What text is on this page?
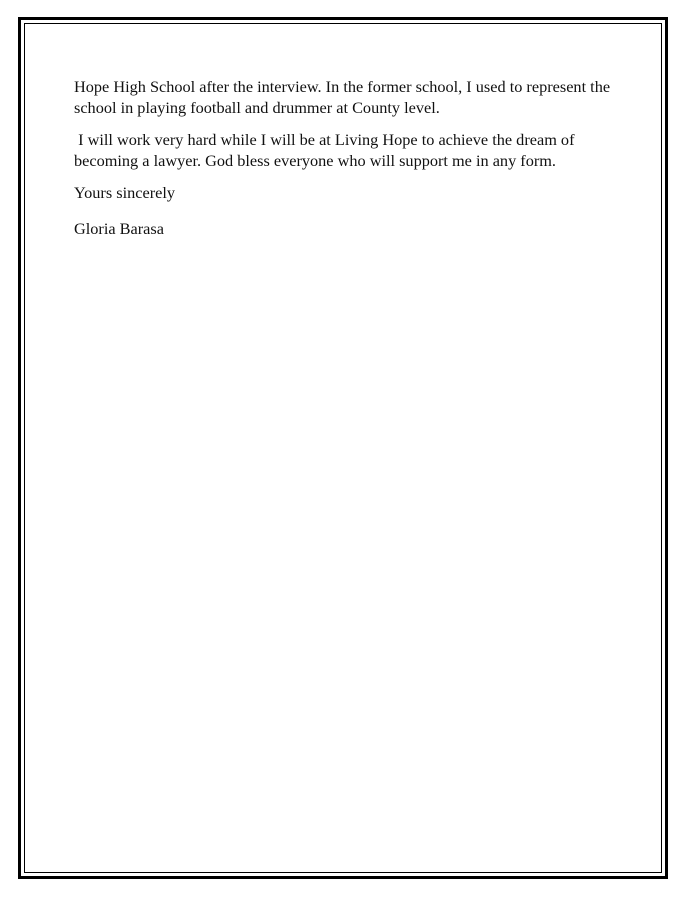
Hope High School after the interview. In the former school, I used to represent the school in playing football and drummer at County level.

I will work very hard while I will be at Living Hope to achieve the dream of becoming a lawyer. God bless everyone who will support me in any form.

Yours sincerely

Gloria Barasa
